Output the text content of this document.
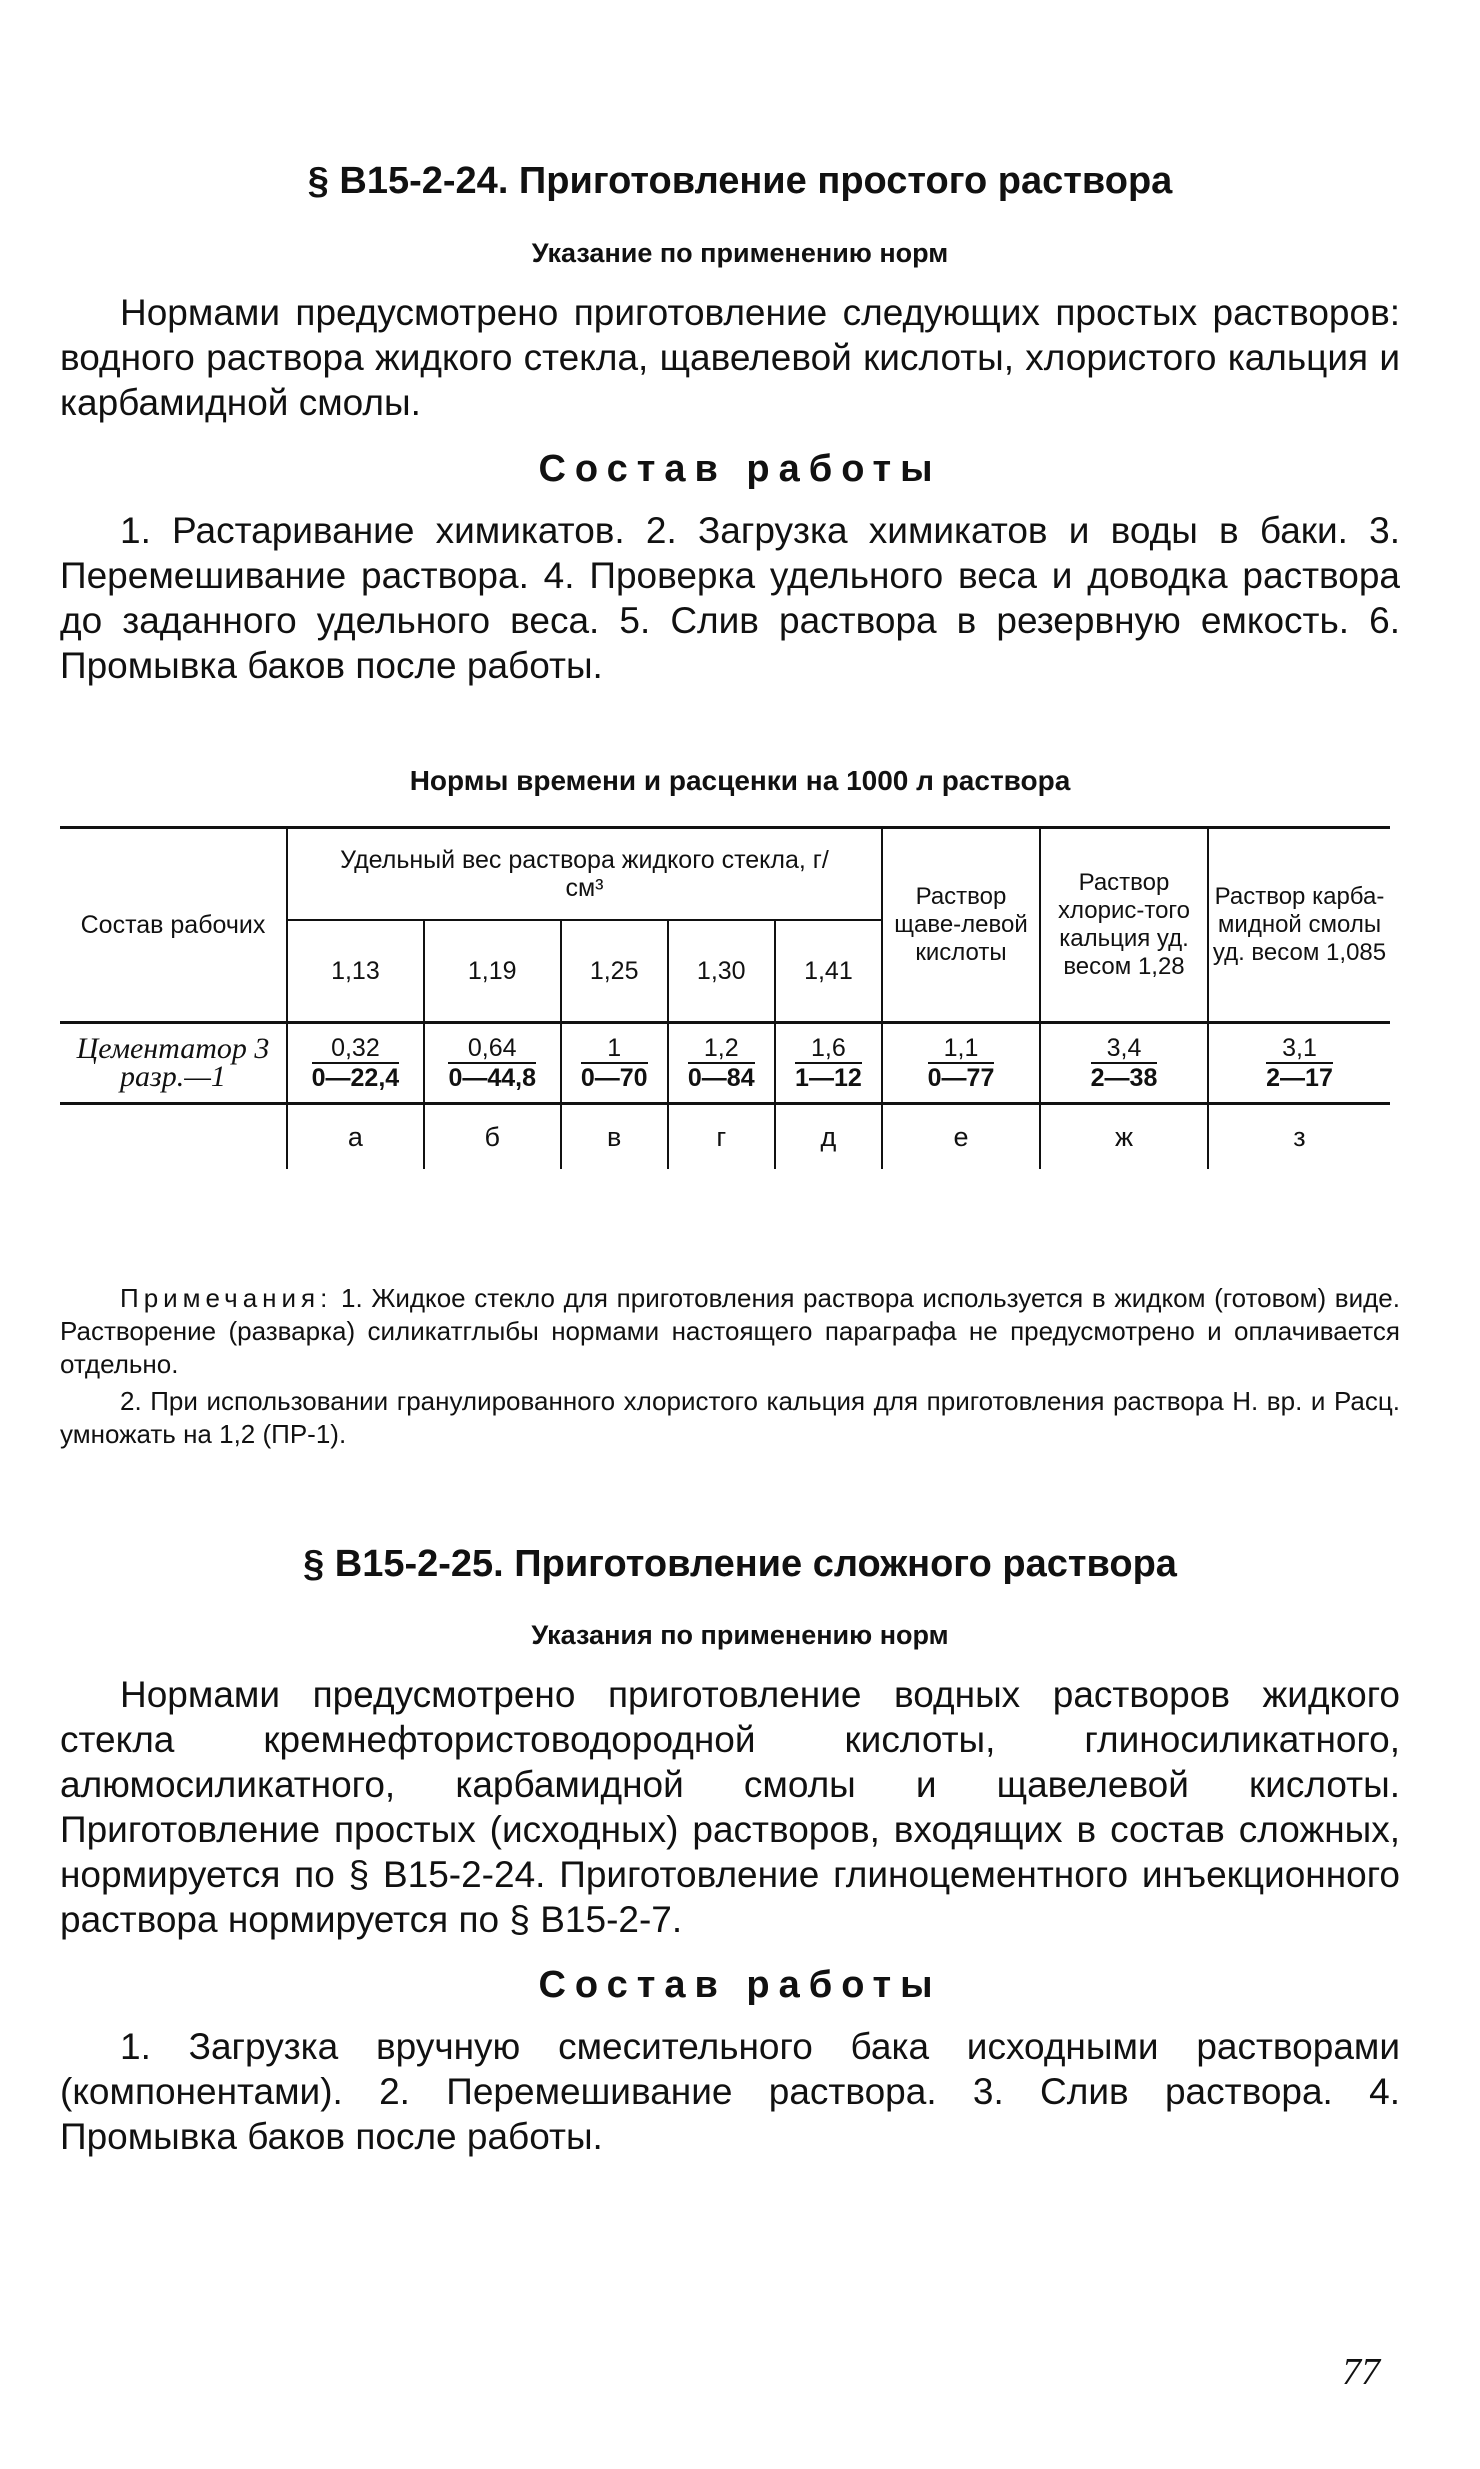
§ В15-2-24. Приготовление простого раствора
Указание по применению норм

Нормами предусмотрено приготовление следующих простых растворов: водного раствора жидкого стекла, щавелевой кислоты, хлористого кальция и карбамидной смолы.

Состав работы

1. Растаривание химикатов. 2. Загрузка химикатов и воды в баки. 3. Перемешивание раствора. 4. Проверка удельного веса и доводка раствора до заданного удельного веса. 5. Слив раствора в резервную емкость. 6. Промывка баков после работы.

Нормы времени и расценки на 1000 л раствора
Состав рабочих	Удельный вес раствора жидкого стекла, г/см³					Раствор щаве-левой кислоты	Раствор хлорис-того кальция уд. весом 1,28	Раствор карба-мидной смолы уд. весом 1,085
	1,13	1,19	1,25	1,30	1,41			
Цементатор 3 разр.—1	$\frac{0,32}{0—22,4}$	$\frac{0,64}{0—44,8}$	$\frac{1}{0—70}$	$\frac{1,2}{0—84}$	$\frac{1,6}{1—12}$	$\frac{1,1}{0—77}$	$\frac{3,4}{2—38}$	$\frac{3,1}{2—17}$

	а	б	в	г	д	е	ж	з

Примечания: 1. Жидкое стекло для приготовления раствора используется в жидком (готовом) виде. Растворение (разварка) силикатглыбы нормами настоящего параграфа не предусмотрено и оплачивается отдельно.

2. При использовании гранулированного хлористого кальция для приготовления раствора Н. вр. и Расц. умножать на 1,2 (ПР-1).

§ В15-2-25. Приготовление сложного раствора
Указания по применению норм

Нормами предусмотрено приготовление водных растворов жидкого стекла кремнефтористоводородной кислоты, глиносиликатного, алюмосиликатного, карбамидной смолы и щавелевой кислоты. Приготовление простых (исходных) растворов, входящих в состав сложных, нормируется по § В15-2-24. Приготовление глиноцементного инъекционного раствора нормируется по § В15-2-7.

Состав работы

1. Загрузка вручную смесительного бака исходными растворами (компонентами). 2. Перемешивание раствора. 3. Слив раствора. 4. Промывка баков после работы.

77
